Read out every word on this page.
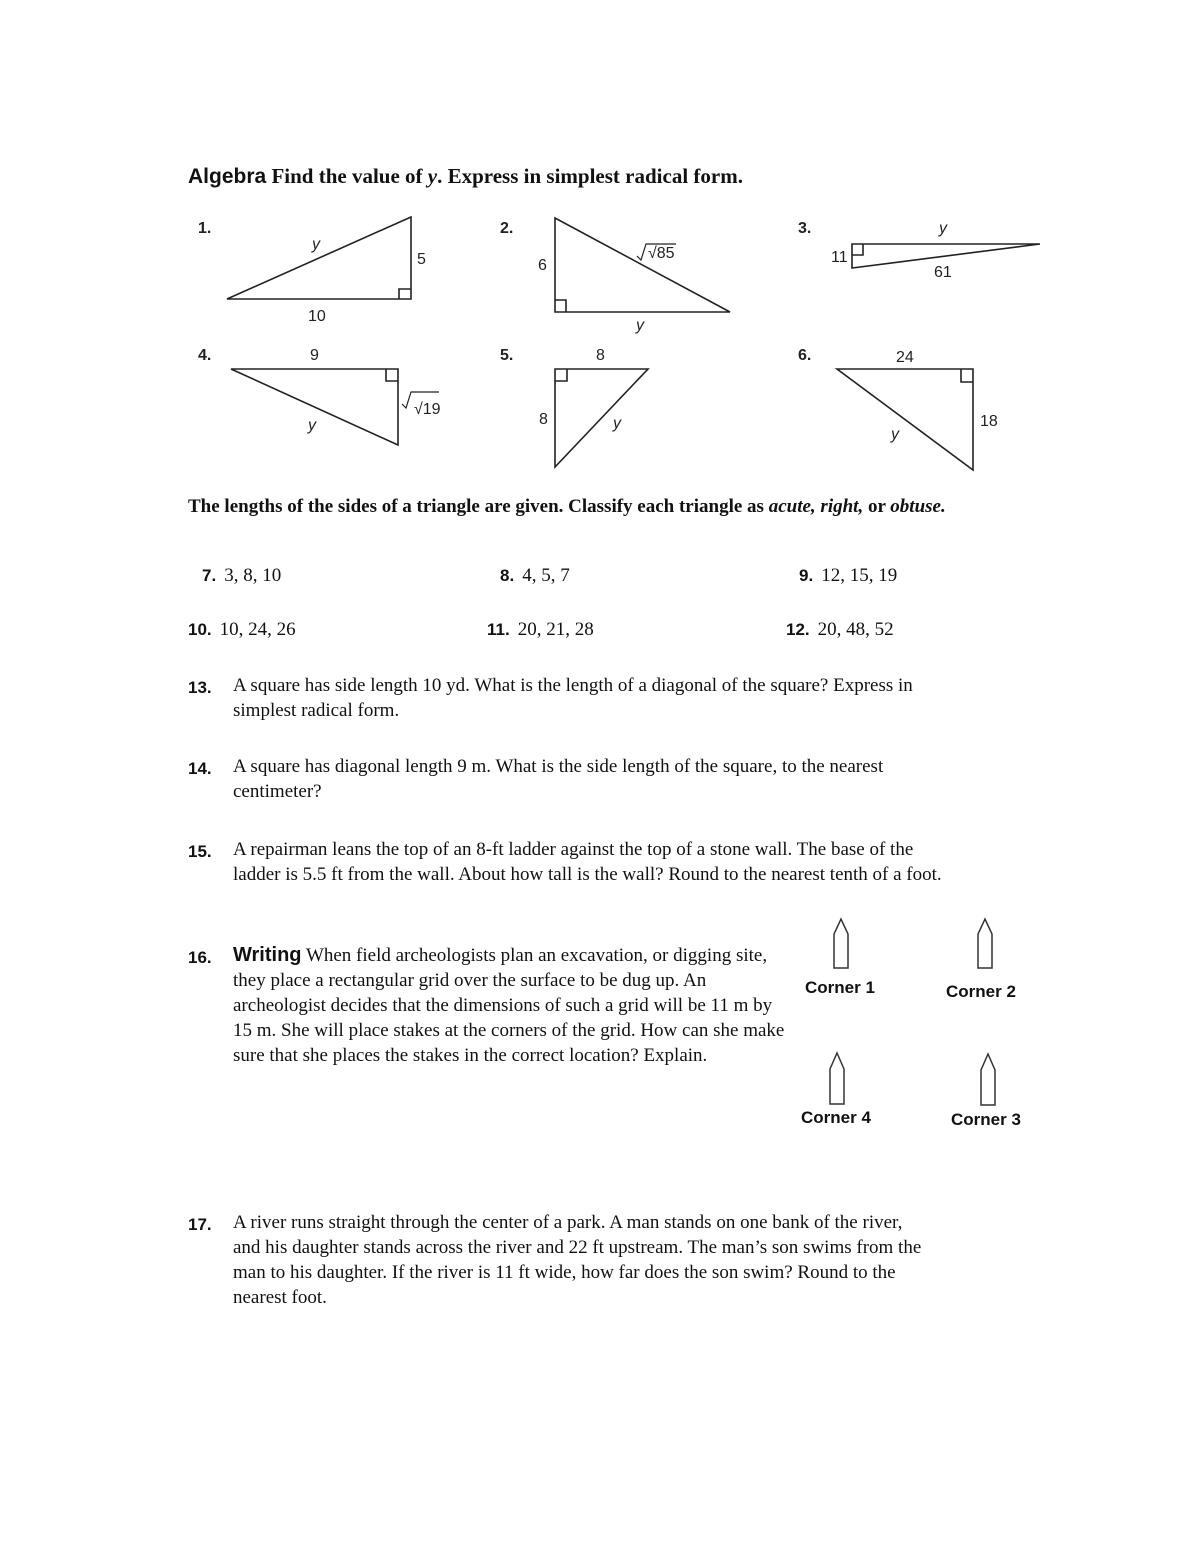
Algebra Find the value of y. Express in simplest radical form.
1.	2.	3.
4.	5.	6.
y
5
10
6
√85
y
y
11
61
9
√19
y
8
8	y
24
18
y
The lengths of the sides of a triangle are given. Classify each triangle as acute, right, or obtuse.
7. 3, 8, 10	8. 4, 5, 7	9. 12, 15, 19
10. 10, 24, 26	11. 20, 21, 28	12. 20, 48, 52
13. A square has side length 10 yd. What is the length of a diagonal of the square? Express in simplest radical form.
14. A square has diagonal length 9 m. What is the side length of the square, to the nearest centimeter?
15. A repairman leans the top of an 8-ft ladder against the top of a stone wall. The base of the ladder is 5.5 ft from the wall. About how tall is the wall? Round to the nearest tenth of a foot.
16. Writing When field archeologists plan an excavation, or digging site, they place a rectangular grid over the surface to be dug up. An archeologist decides that the dimensions of such a grid will be 11 m by 15 m. She will place stakes at the corners of the grid. How can she make sure that she places the stakes in the correct location? Explain.
Corner 1	Corner 2
Corner 4	Corner 3
17. A river runs straight through the center of a park. A man stands on one bank of the river, and his daughter stands across the river and 22 ft upstream. The man’s son swims from the man to his daughter. If the river is 11 ft wide, how far does the son swim? Round to the nearest foot.
